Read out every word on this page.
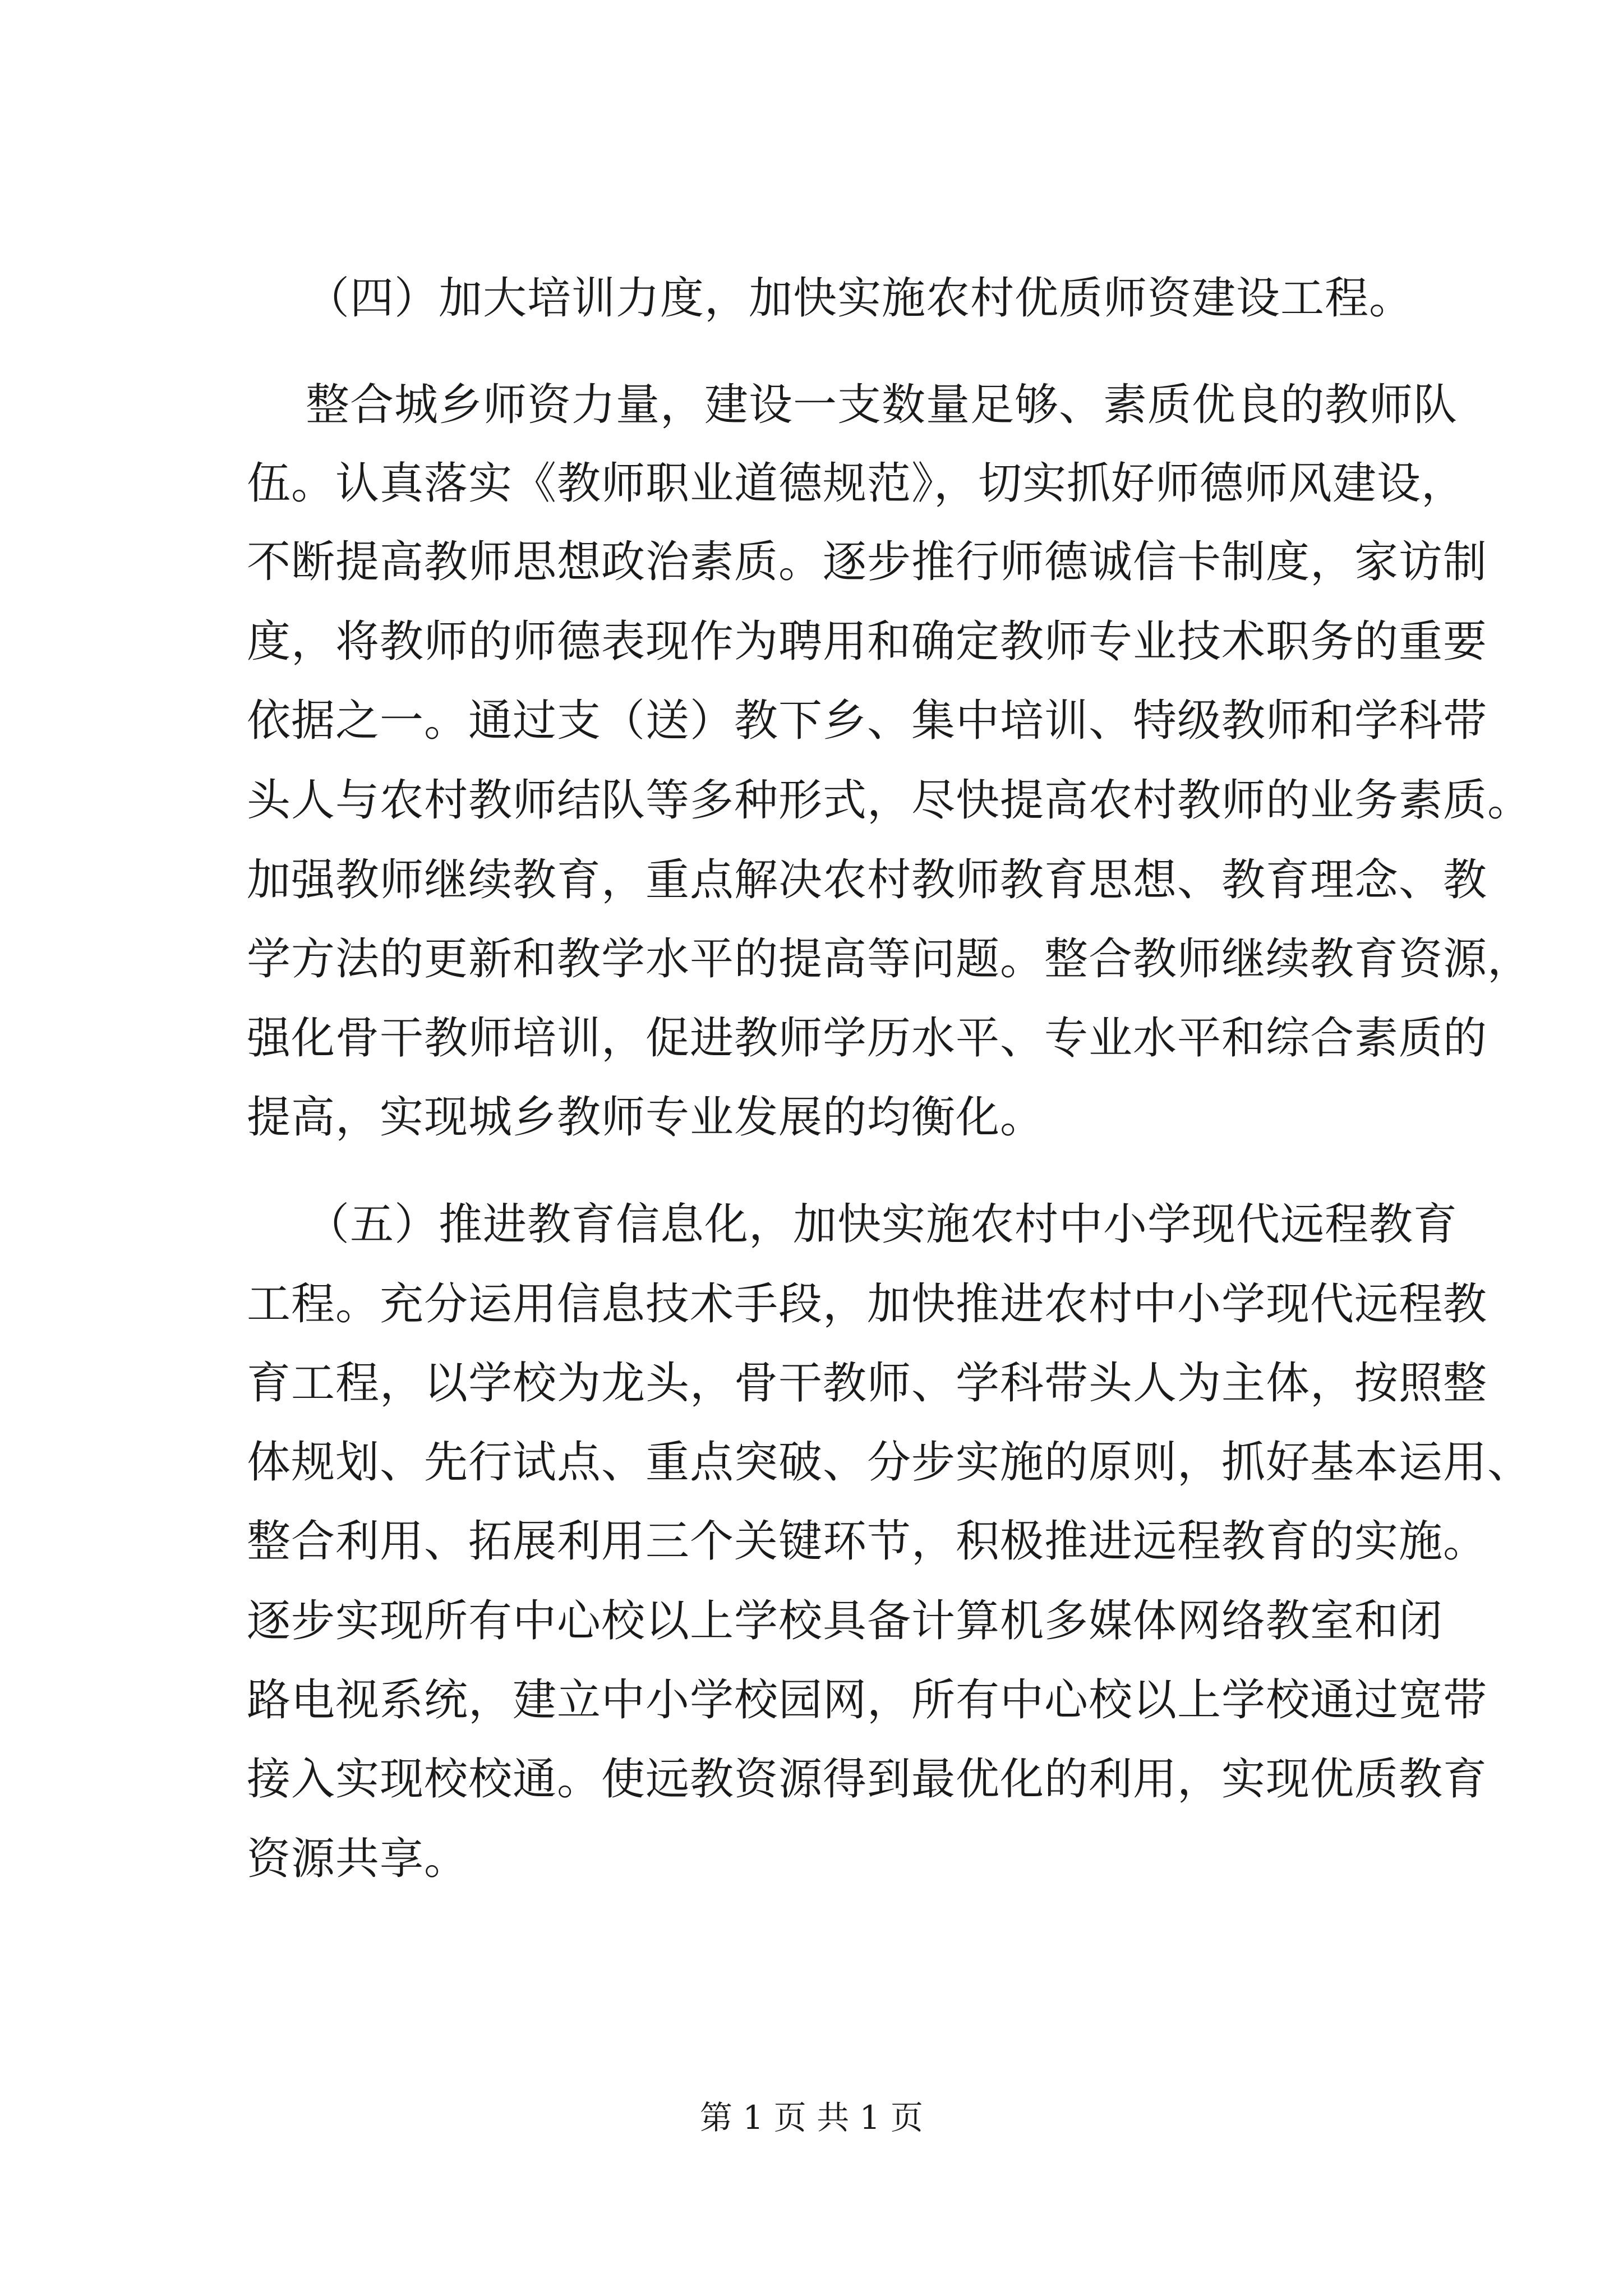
（四）加大培训力度，加快实施农村优质师资建设工程。
整合城乡师资力量，建设一支数量足够、素质优良的教师队
伍。认真落实《教师职业道德规范》，切实抓好师德师风建设，
不断提高教师思想政治素质。逐步推行师德诚信卡制度，家访制
度，将教师的师德表现作为聘用和确定教师专业技术职务的重要
依据之一。通过支（送）教下乡、集中培训、特级教师和学科带
头人与农村教师结队等多种形式，尽快提高农村教师的业务素质。
加强教师继续教育，重点解决农村教师教育思想、教育理念、教
学方法的更新和教学水平的提高等问题。整合教师继续教育资源，
强化骨干教师培训，促进教师学历水平、专业水平和综合素质的
提高，实现城乡教师专业发展的均衡化。
（五）推进教育信息化，加快实施农村中小学现代远程教育
工程。充分运用信息技术手段，加快推进农村中小学现代远程教
育工程，以学校为龙头，骨干教师、学科带头人为主体，按照整
体规划、先行试点、重点突破、分步实施的原则，抓好基本运用、
整合利用、拓展利用三个关键环节，积极推进远程教育的实施。
逐步实现所有中心校以上学校具备计算机多媒体网络教室和闭
路电视系统，建立中小学校园网，所有中心校以上学校通过宽带
接入实现校校通。使远教资源得到最优化的利用，实现优质教育
资源共享。
第 1 页 共 1 页
